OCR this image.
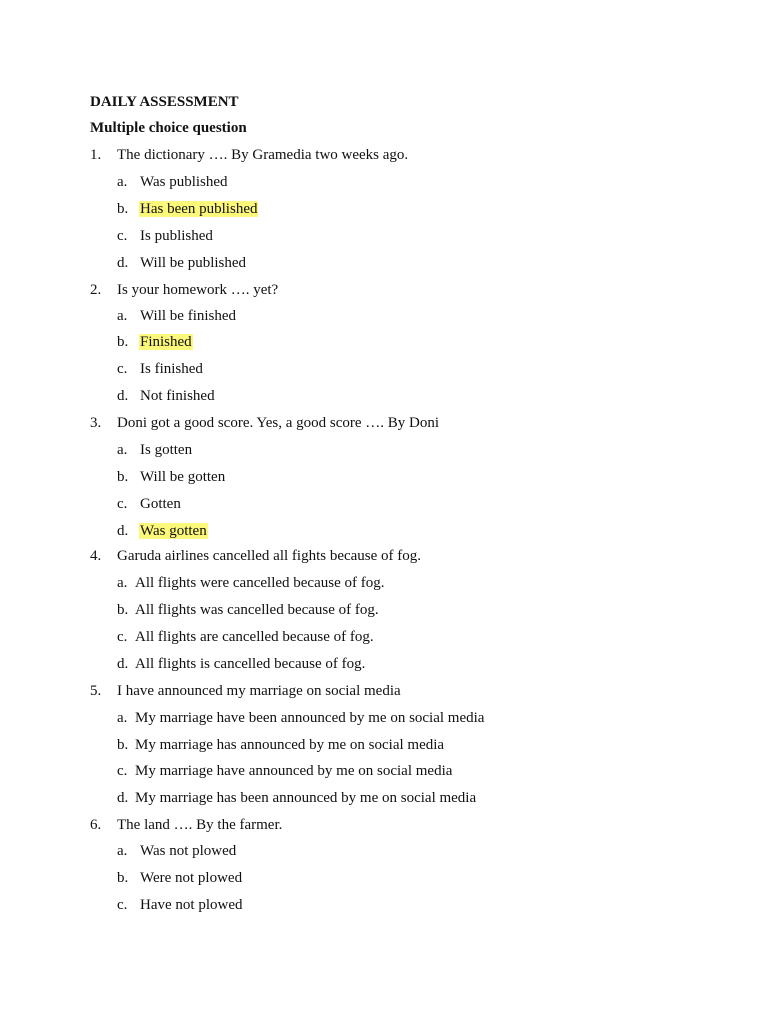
DAILY ASSESSMENT
Multiple choice question
1.	The dictionary …. By Gramedia two weeks ago.
a. Was published
b. Has been published
c. Is published
d. Will be published
2.	Is your homework …. yet?
a. Will be finished
b. Finished
c. Is finished
d. Not finished
3.	Doni got a good score. Yes, a good score …. By Doni
a. Is gotten
b. Will be gotten
c. Gotten
d. Was gotten
4.	Garuda airlines cancelled all fights because of fog.
a. All flights were cancelled because of fog.
b. All flights was cancelled because of fog.
c. All flights are cancelled because of fog.
d. All flights is cancelled because of fog.
5.	I have announced my marriage on social media
a. My marriage have been announced by me on social media
b. My marriage has announced by me on social media
c. My marriage have announced by me on social media
d. My marriage has been announced by me on social media
6.	The land …. By the farmer.
a. Was not plowed
b. Were not plowed
c. Have not plowed
